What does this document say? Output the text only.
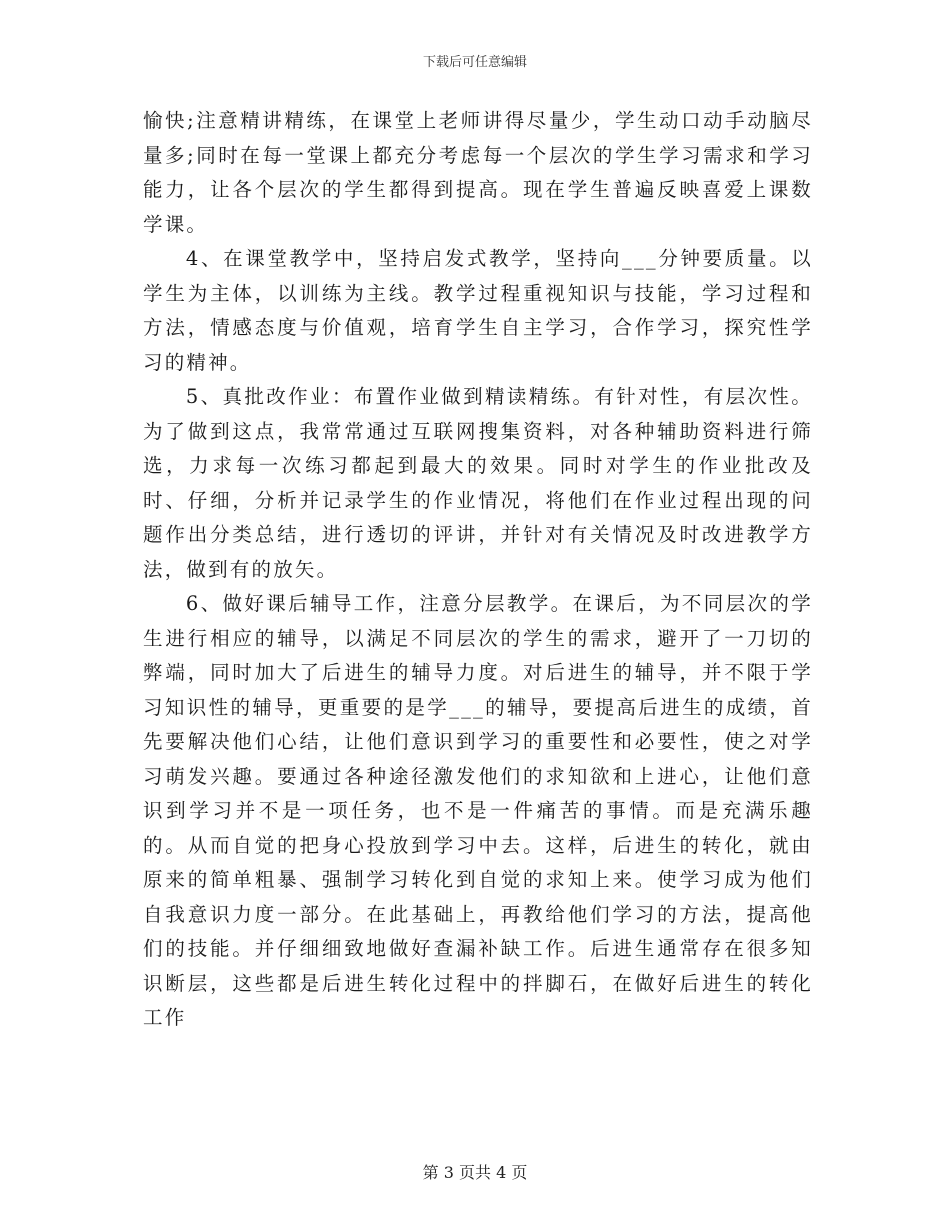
下载后可任意编辑

愉快;注意精讲精练，在课堂上老师讲得尽量少，学生动口动手动脑尽量多;同时在每一堂课上都充分考虑每一个层次的学生学习需求和学习能力，让各个层次的学生都得到提高。现在学生普遍反映喜爱上课数学课。

4、在课堂教学中，坚持启发式教学，坚持向___分钟要质量。以学生为主体，以训练为主线。教学过程重视知识与技能，学习过程和方法，情感态度与价值观，培育学生自主学习，合作学习，探究性学习的精神。

5、真批改作业：布置作业做到精读精练。有针对性，有层次性。为了做到这点，我常常通过互联网搜集资料，对各种辅助资料进行筛选，力求每一次练习都起到最大的效果。同时对学生的作业批改及时、仔细，分析并记录学生的作业情况，将他们在作业过程出现的问题作出分类总结，进行透切的评讲，并针对有关情况及时改进教学方法，做到有的放矢。

6、做好课后辅导工作，注意分层教学。在课后，为不同层次的学生进行相应的辅导，以满足不同层次的学生的需求，避开了一刀切的弊端，同时加大了后进生的辅导力度。对后进生的辅导，并不限于学习知识性的辅导，更重要的是学___的辅导，要提高后进生的成绩，首先要解决他们心结，让他们意识到学习的重要性和必要性，使之对学习萌发兴趣。要通过各种途径激发他们的求知欲和上进心，让他们意识到学习并不是一项任务，也不是一件痛苦的事情。而是充满乐趣的。从而自觉的把身心投放到学习中去。这样，后进生的转化，就由原来的简单粗暴、强制学习转化到自觉的求知上来。使学习成为他们自我意识力度一部分。在此基础上，再教给他们学习的方法，提高他们的技能。并仔细细致地做好查漏补缺工作。后进生通常存在很多知识断层，这些都是后进生转化过程中的拌脚石，在做好后进生的转化工作

第 3 页共 4 页
